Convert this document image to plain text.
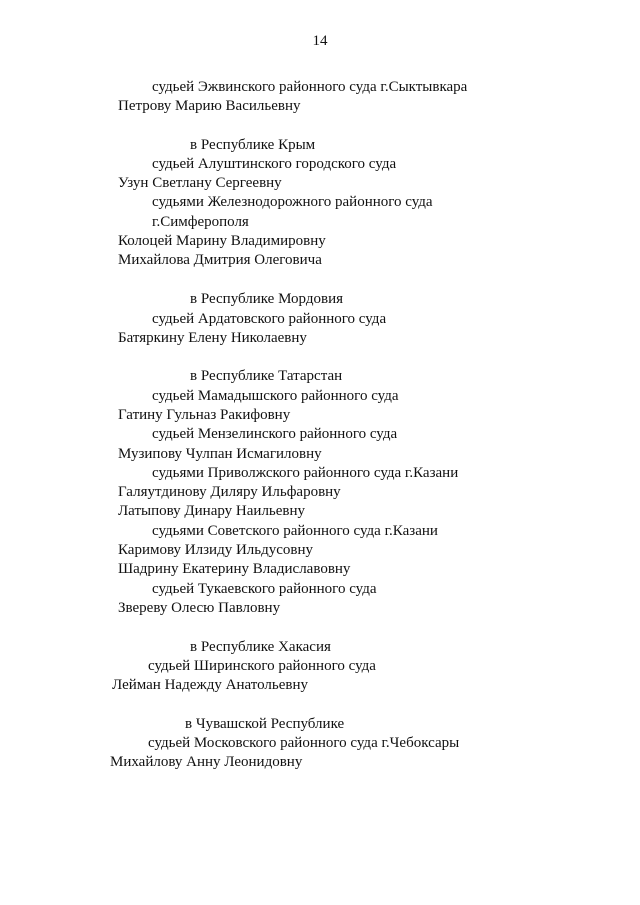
14
судьей Эжвинского районного суда г.Сыктывкара
Петрову Марию Васильевну
в Республике Крым
судьей Алуштинского городского суда
Узун Светлану Сергеевну
судьями Железнодорожного районного суда
г.Симферополя
Колоцей Марину Владимировну
Михайлова Дмитрия Олеговича
в Республике Мордовия
судьей Ардатовского районного суда
Батяркину Елену Николаевну
в Республике Татарстан
судьей Мамадышского районного суда
Гатину Гульназ Ракифовну
судьей Мензелинского районного суда
Музипову Чулпан Исмагиловну
судьями Приволжского районного суда г.Казани
Галяутдинову Диляру Ильфаровну
Латыпову Динару Наильевну
судьями Советского районного суда г.Казани
Каримову Илзиду Ильдусовну
Шадрину Екатерину Владиславовну
судьей Тукаевского районного суда
Звереву Олесю Павловну
в Республике Хакасия
судьей Ширинского районного суда
Лейман Надежду Анатольевну
в Чувашской Республике
судьей Московского районного суда г.Чебоксары
Михайлову Анну Леонидовну
